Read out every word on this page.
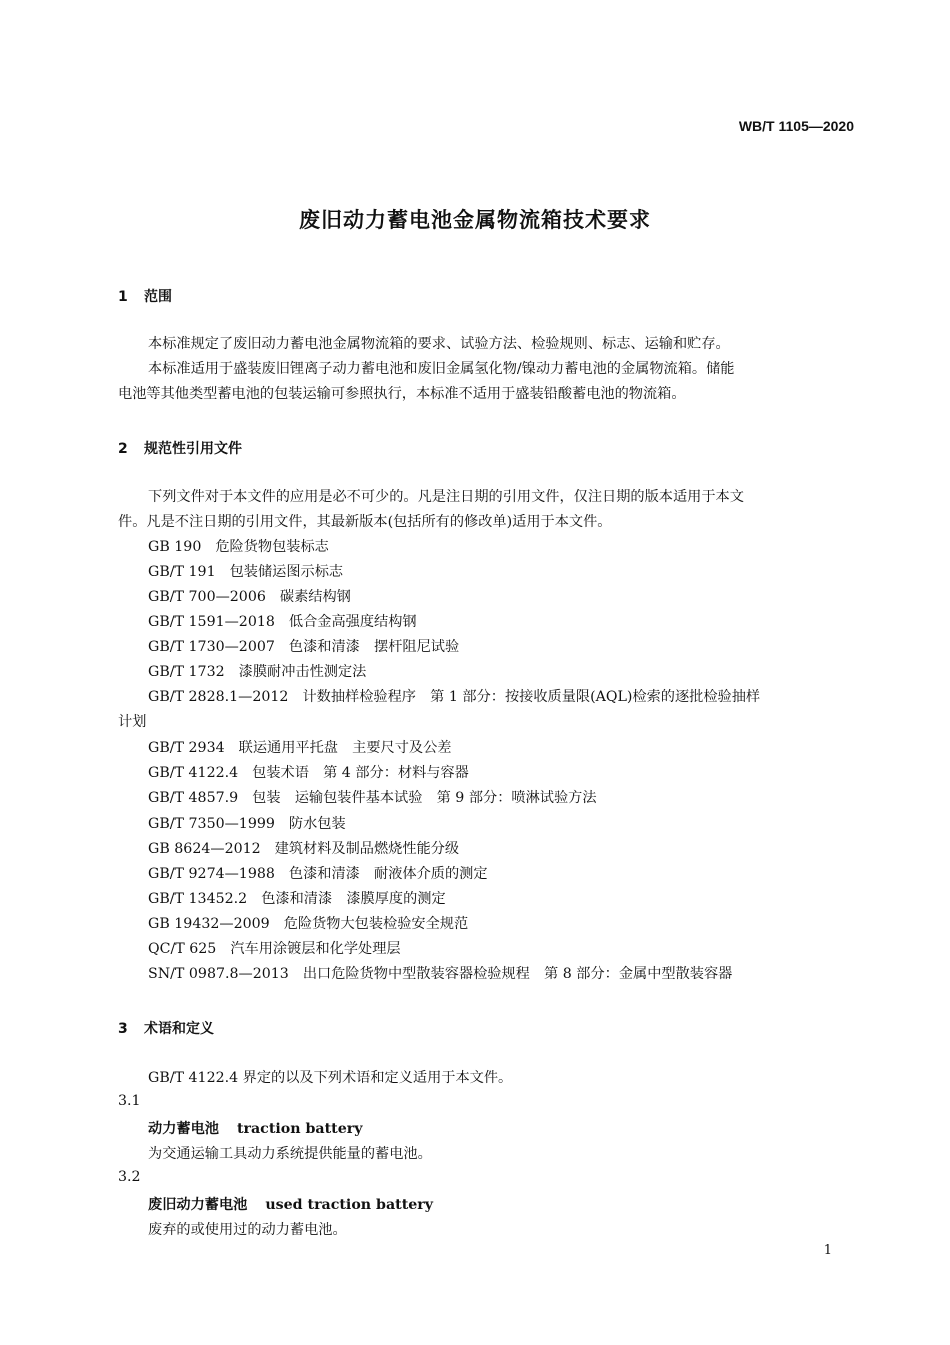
WB/T 1105—2020
废旧动力蓄电池金属物流箱技术要求
1 范围
本标准规定了废旧动力蓄电池金属物流箱的要求、试验方法、检验规则、标志、运输和贮存。
本标准适用于盛装废旧锂离子动力蓄电池和废旧金属氢化物/镍动力蓄电池的金属物流箱。储能
电池等其他类型蓄电池的包装运输可参照执行，本标准不适用于盛装铅酸蓄电池的物流箱。
2 规范性引用文件
下列文件对于本文件的应用是必不可少的。凡是注日期的引用文件，仅注日期的版本适用于本文
件。凡是不注日期的引用文件，其最新版本(包括所有的修改单)适用于本文件。
GB 190 危险货物包装标志
GB/T 191 包装储运图示标志
GB/T 700—2006 碳素结构钢
GB/T 1591—2018 低合金高强度结构钢
GB/T 1730—2007 色漆和清漆　摆杆阻尼试验
GB/T 1732 漆膜耐冲击性测定法
GB/T 2828.1—2012 计数抽样检验程序　第 1 部分：按接收质量限(AQL)检索的逐批检验抽样
计划
GB/T 2934 联运通用平托盘　主要尺寸及公差
GB/T 4122.4 包装术语　第 4 部分：材料与容器
GB/T 4857.9 包装　运输包装件基本试验　第 9 部分：喷淋试验方法
GB/T 7350—1999 防水包装
GB 8624—2012 建筑材料及制品燃烧性能分级
GB/T 9274—1988 色漆和清漆　耐液体介质的测定
GB/T 13452.2 色漆和清漆　漆膜厚度的测定
GB 19432—2009 危险货物大包装检验安全规范
QC/T 625 汽车用涂镀层和化学处理层
SN/T 0987.8—2013 出口危险货物中型散装容器检验规程　第 8 部分：金属中型散装容器
3 术语和定义
GB/T 4122.4 界定的以及下列术语和定义适用于本文件。
3.1
动力蓄电池 traction battery
为交通运输工具动力系统提供能量的蓄电池。
3.2
废旧动力蓄电池 used traction battery
废弃的或使用过的动力蓄电池。
1
